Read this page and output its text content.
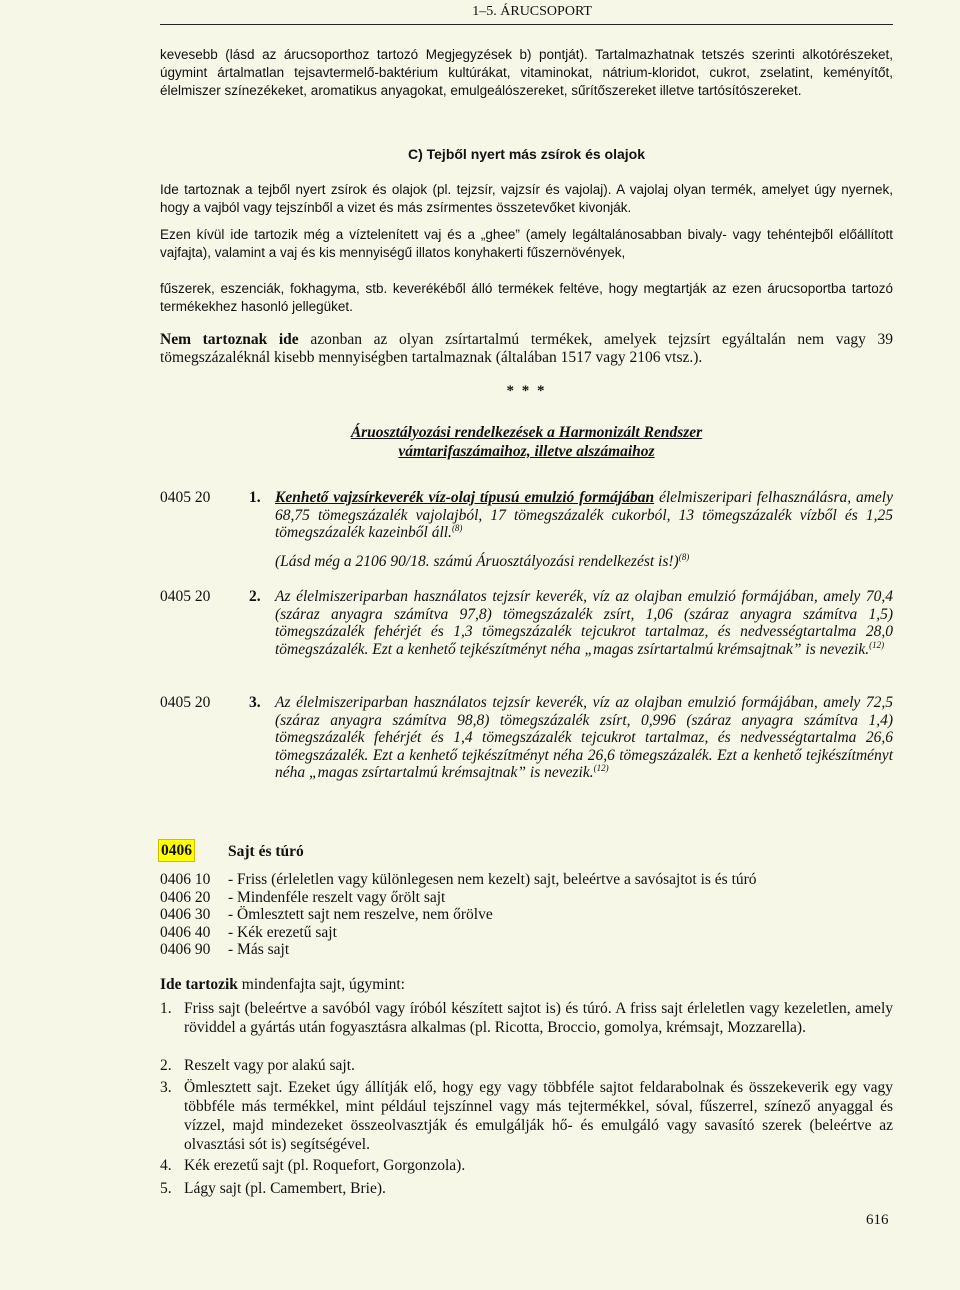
1–5. ÁRUCSOPORT

kevesebb (lásd az árucsoporthoz tartozó Megjegyzések b) pontját). Tartalmazhatnak tetszés szerinti alkotórészeket, úgymint ártalmatlan tejsavtermelő-baktérium kultúrákat, vitaminokat, nátrium-kloridot, cukrot, zselatint, keményítőt, élelmiszer színezékeket, aromatikus anyagokat, emulgeálószereket, sűrítőszereket illetve tartósítószereket.

C) Tejből nyert más zsírok és olajok

Ide tartoznak a tejből nyert zsírok és olajok (pl. tejzsír, vajzsír és vajolaj). A vajolaj olyan termék, amelyet úgy nyernek, hogy a vajból vagy tejszínből a vizet és más zsírmentes összetevőket kivonják.

Ezen kívül ide tartozik még a víztelenített vaj és a „ghee” (amely legáltalánosabban bivaly- vagy tehéntejből előállított vajfajta), valamint a vaj és kis mennyiségű illatos konyhakerti fűszernövények,

fűszerek, eszenciák, fokhagyma, stb. keverékéből álló termékek feltéve, hogy megtartják az ezen árucsoportba tartozó termékekhez hasonló jellegüket.

Nem tartoznak ide azonban az olyan zsírtartalmú termékek, amelyek tejzsírt egyáltalán nem vagy 39 tömegszázaléknál kisebb mennyiségben tartalmaznak (általában 1517 vagy 2106 vtsz.).

* * *
Áruosztályozási rendelkezések a Harmonizált Rendszer
vámtarifaszámaihoz, illetve alszámaihoz
0405 20 1. Kenhető vajzsírkeverék víz-olaj típusú emulzió formájában élelmiszeripari felhasználásra, amely 68,75 tömegszázalék vajolajból, 17 tömegszázalék cukorból, 13 tömegszázalék vízből és 1,25 tömegszázalék kazeinből áll.$^{(8)}$
(Lásd még a 2106 90/18. számú Áruosztályozási rendelkezést is!)$^{(8)}$
0405 20 2. Az élelmiszeriparban használatos tejzsír keverék, víz az olajban emulzió formájában, amely 70,4 (száraz anyagra számítva 97,8) tömegszázalék zsírt, 1,06 (száraz anyagra számítva 1,5) tömegszázalék fehérjét és 1,3 tömegszázalék tejcukrot tartalmaz, és nedvességtartalma 28,0 tömegszázalék. Ezt a kenhető tejkészítményt néha „magas zsírtartalmú krémsajtnak” is nevezik.$^{(12)}$
0405 20 3. Az élelmiszeriparban használatos tejzsír keverék, víz az olajban emulzió formájában, amely 72,5 (száraz anyagra számítva 98,8) tömegszázalék zsírt, 0,996 (száraz anyagra számítva 1,4) tömegszázalék fehérjét és 1,4 tömegszázalék tejcukrot tartalmaz, és nedvességtartalma 26,6 tömegszázalék. Ezt a kenhető tejkészítményt néha 26,6 tömegszázalék. Ezt a kenhető tejkészítményt néha „magas zsírtartalmú krémsajtnak” is nevezik.$^{(12)}$
0406 Sajt és túró
0406 10 - Friss (érleletlen vagy különlegesen nem kezelt) sajt, beleértve a savósajtot is és túró
0406 20 - Mindenféle reszelt vagy őrölt sajt
0406 30 - Ömlesztett sajt nem reszelve, nem őrölve
0406 40 - Kék erezetű sajt
0406 90 - Más sajt
Ide tartozik mindenfajta sajt, úgymint:
1. Friss sajt (beleértve a savóból vagy íróból készített sajtot is) és túró. A friss sajt érleletlen vagy kezeletlen, amely röviddel a gyártás után fogyasztásra alkalmas (pl. Ricotta, Broccio, gomolya, krémsajt, Mozzarella).
2. Reszelt vagy por alakú sajt.
3. Ömlesztett sajt. Ezeket úgy állítják elő, hogy egy vagy többféle sajtot feldarabolnak és összekeverik egy vagy többféle más termékkel, mint például tejszínnel vagy más tejtermékkel, sóval, fűszerrel, színező anyaggal és vízzel, majd mindezeket összeolvasztják és emulgálják hő- és emulgáló vagy savasító szerek (beleértve az olvasztási sót is) segítségével.
4. Kék erezetű sajt (pl. Roquefort, Gorgonzola).
5. Lágy sajt (pl. Camembert, Brie).
616
